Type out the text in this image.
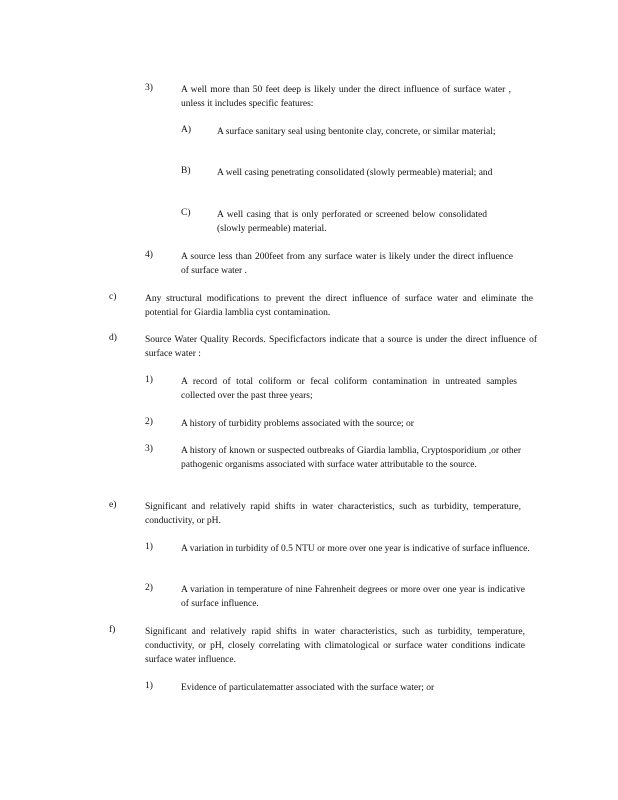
3)	A well more than 50 feet deep is likely under the direct influence of surface water , unless it includes specific features:
A)	A surface sanitary seal using bentonite clay, concrete, or similar material;
B)	A well casing penetrating consolidated (slowly permeable) material; and
C)	A well casing that is only perforated or screened below consolidated (slowly permeable) material.
4)	A source less than 200feet from any surface water is likely under the direct influence of surface water .
c)	Any structural modifications to prevent the direct influence of surface water and eliminate the potential for Giardia lamblia cyst contamination.
d)	Source Water Quality Records. Specificfactors indicate that a source is under the direct influence of surface water :
1)	A record of total coliform or fecal coliform contamination in untreated samples collected over the past three years;
2)	A history of turbidity problems associated with the source; or
3)	A history of known or suspected outbreaks of Giardia lamblia, Cryptosporidium ,or other pathogenic organisms associated with surface water attributable to the source.
e)	Significant and relatively rapid shifts in water characteristics, such as turbidity, temperature, conductivity, or pH.
1)	A variation in turbidity of 0.5 NTU or more over one year is indicative of surface influence.
2)	A variation in temperature of nine Fahrenheit degrees or more over one year is indicative of surface influence.
f)	Significant and relatively rapid shifts in water characteristics, such as turbidity, temperature, conductivity, or pH, closely correlating with climatological or surface water conditions indicate surface water influence.
1)	Evidence of particulatematter associated with the surface water; or
